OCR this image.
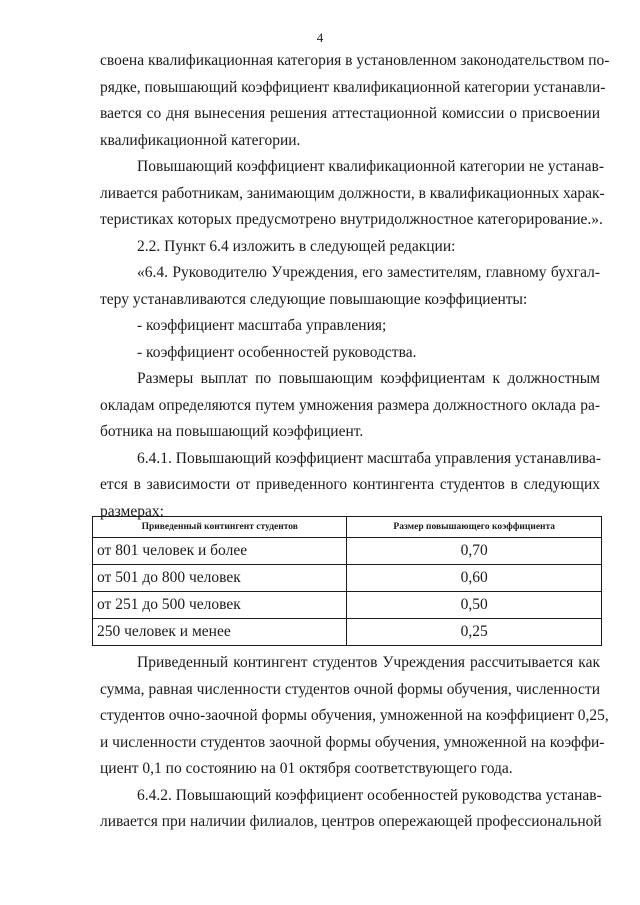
4
своена квалификационная категория в установленном законодательством по-
рядке, повышающий коэффициент квалификационной категории устанавли-
вается со дня вынесения решения аттестационной комиссии о присвоении
квалификационной категории.
Повышающий коэффициент квалификационной категории не устанав-
ливается работникам, занимающим должности, в квалификационных харак-
теристиках которых предусмотрено внутридолжностное категорирование.».
2.2. Пункт 6.4 изложить в следующей редакции:
«6.4. Руководителю Учреждения, его заместителям, главному бухгал-
теру устанавливаются следующие повышающие коэффициенты:
- коэффициент масштаба управления;
- коэффициент особенностей руководства.
Размеры выплат по повышающим коэффициентам к должностным
окладам определяются путем умножения размера должностного оклада ра-
ботника на повышающий коэффициент.
6.4.1. Повышающий коэффициент масштаба управления устанавлива-
ется в зависимости от приведенного контингента студентов в следующих
размерах:
Приведенный контингент студентов	Размер повышающего коэффициента
от 801 человек и более	0,70
от 501 до 800 человек	0,60
от 251 до 500 человек	0,50
250 человек и менее	0,25
Приведенный контингент студентов Учреждения рассчитывается как
сумма, равная численности студентов очной формы обучения, численности
студентов очно-заочной формы обучения, умноженной на коэффициент 0,25,
и численности студентов заочной формы обучения, умноженной на коэффи-
циент 0,1 по состоянию на 01 октября соответствующего года.
6.4.2. Повышающий коэффициент особенностей руководства устанав-
ливается при наличии филиалов, центров опережающей профессиональной
